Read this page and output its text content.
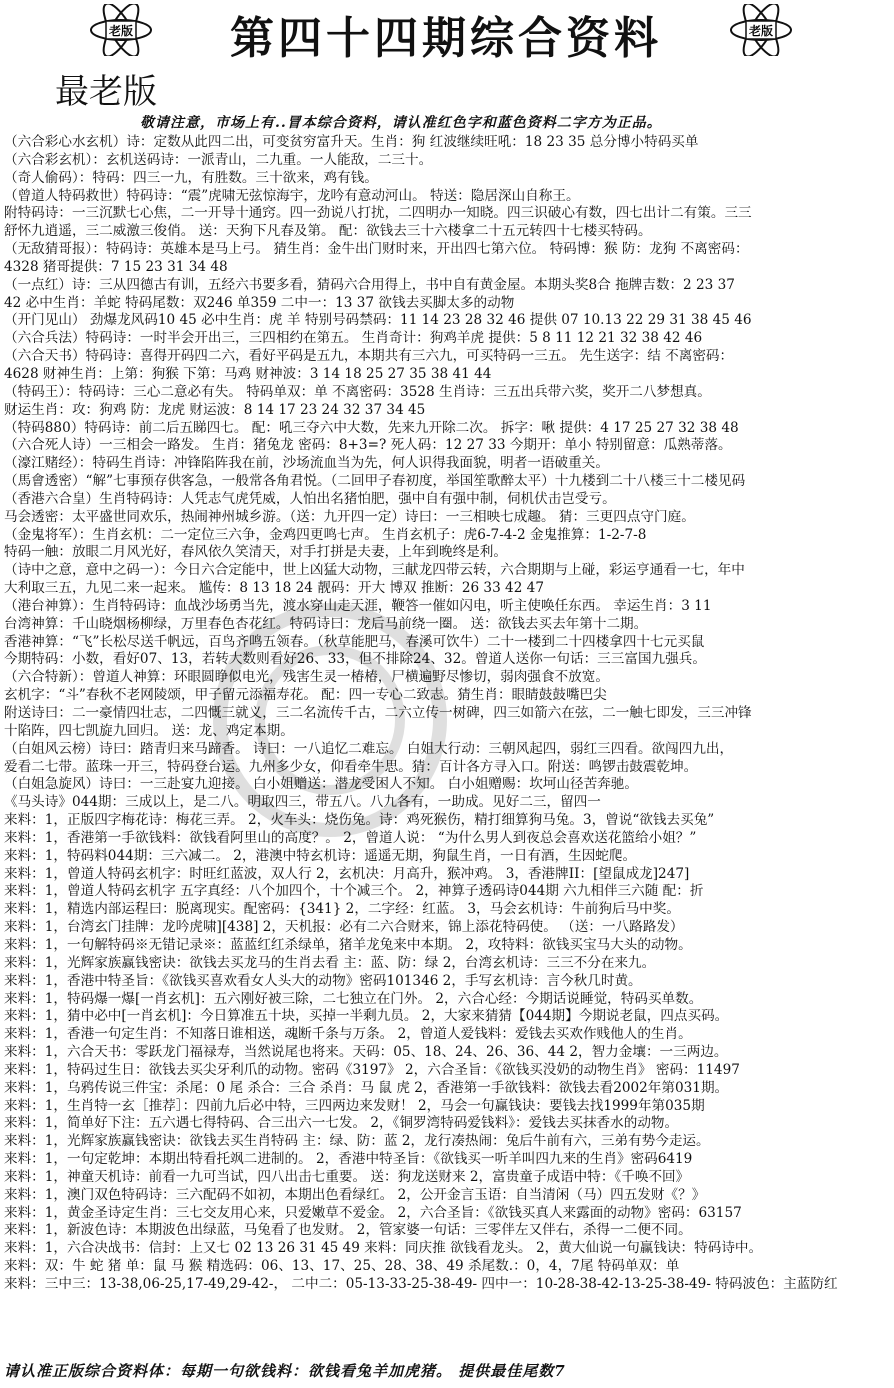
老版	第四十四期综合资料	老版
最老版
敬请注意，市场上有..冒本综合资料，请认准红色字和蓝色资料二字方为正品。
（六合彩心水玄机）诗：定数从此四二出，可变贫穷富升天。生肖：狗 红波继续旺吼：18 23 35 总分博小特码买单
（六合彩玄机）：玄机送码诗：一派青山，二九重。一人能敌，二三十。
（奇人偷码）：特码：四三一九，有胜数。三十欲来，鸡有钱。
（曾道人特码救世）特码诗：“震”虎啸无弦惊海宇，龙吟有意动河山。 特送：隐居深山自称王。
附特码诗：一三沉默七心焦，二一开导十通窍。四一劲说八打扰，二四明办一知晓。四三识破心有数，四七出计二有策。三三
舒怀九逍遥，三二威激三俊俏。 送：天狗下凡春及第。 配：欲钱去三十六楼拿二十五元转四十七楼买特码。
（无敌猜哥报）：特码诗：英雄本是马上弓。 猜生肖：金牛出门财时来，开出四七第六位。 特码博：猴 防：龙狗 不离密码：
4328 猪哥提供：7 15 23 31 34 48
（一点红）诗：三从四德古有训，五经六书要多看，猜码六合用得上，书中自有黄金屋。本期头奖8合 拖牌吉数：2 23 37
42 必中生肖：羊蛇 特码尾数：双246 单359 二中一：13 37 欲钱去买脚太多的动物
（开门见山） 劲爆龙风码10 45 必中生肖：虎 羊 特别号码禁码：11 14 23 28 32 46 提供 07 10.13 22 29 31 38 45 46
（六合兵法）特码诗：一时半会开出三，三四相约在第五。 生肖奇计：狗鸡羊虎 提供：5 8 11 12 21 32 38 42 46
（六合天书）特码诗：喜得开码四二六，看好平码是五九，本期共有三六九，可买特码一三五。 先生送字：结 不离密码：
4628 财神生肖：上第：狗猴 下第：马鸡 财神波：3 14 18 25 27 35 38 41 44
（特码王）：特码诗：三心二意必有失。 特码单双：单 不离密码：3528 生肖诗：三五出兵带六奖，奖开二八梦想真。
财运生肖：攻：狗鸡 防：龙虎 财运波：8 14 17 23 24 32 37 34 45
（特码880）特码诗：前二后五睇四七。 配：吼三夺六中大数，先来九开除二次。 拆字：啾 提供：4 17 25 27 32 38 48
（六合死人诗）一三相会一路发。 生肖：猪兔龙 密码：8+3=? 死人码：12 27 33 今期开：单小 特别留意：瓜熟蒂落。
（濠江赌经）：特码生肖诗：冲锋陷阵我在前，沙场流血当为先，何人识得我面貌，明者一语破重关。
（馬會透密）“解”七事预存供客急，一般常各角君悦。（二回甲子春初度，举国笙歌醉太平）十九楼到二十八楼三十二楼见码
（香港六合皇）生肖特码诗：人凭志气虎凭威，人怕出名猪怕肥，强中自有强中制，伺机伏击岂受亏。
马会透密：太平盛世同欢乐，热闹神州城乡游。（送：九开四一定）诗曰：一三相映七成趣。 猜：三更四点守门庭。
（金鬼将军）：生肖玄机：二一定位三六争，金鸡四更鸣七声。 生肖玄机子：虎6-7-4-2 金鬼推算：1-2-7-8
特码一触：放眼二月风光好，春风依久笑清天，对手打拼是夫妻，上年到晚终是利。
（诗中之意，意中之码一）：今日六合定能中，世上凶猛大动物，三献龙四带云转，六合期期与上碰，彩运亨通看一七，年中
大利取三五，九见二来一起来。 尴传：8 13 18 24 靓码：开大 博双 推断：26 33 42 47
（港台神算）：生肖特码诗：血战沙场勇当先，渡水穿山走天涯，鞭答一催如闪电，听主使唤任东西。 幸运生肖：3 11
台湾神算：千山晓烟杨柳绿，万里春色杏花红。特码诗曰：龙后马前绕一圈。 送：欲钱去买去年第十二期。
香港神算：“飞”长松尽送千帆远，百鸟齐鸣五领春。（秋草能肥马，春溪可饮牛）二十一楼到二十四楼拿四十七元买鼠
今期特码：小数，看好07、13，若转大数则看好26、33，但不排除24、32。曾道人送你一句话：三三富国九强兵。
（六合特新）：曾道人神算：环眼圆睁似电光，残害生灵一椿椿，尸横遍野尽惨切，弱肉强食不放宽。
玄机字：“斗”春秋不老网陵颂，甲子留元添福寿花。 配：四一专心二致志。猜生肖：眼睛鼓鼓嘴巴尖
附送诗曰：二一豪情四壮志，二四慨三就义，三二名流传千古，二六立传一树碑，四三如箭六在弦，二一触七即发，三三冲锋
十陷阵，四七凯旋九回归。 送：龙、鸡定本期。
（白姐风云榜）诗曰：踏青归来马蹄香。 诗曰：一八追忆二难忘。 白姐大行动：三朝风起四，弱红三四看。欲闯四九出，
爱看二七带。蓝珠一开三，特码登台运。九州多少女，仰看牵牛思。猜：百计各方寻入口。附送：鸣锣击鼓震乾坤。
（白姐急旋风）诗曰：一三赴宴九迎接。 白小姐赠送：潜龙受困人不知。 白小姐赠赐：坎坷山径苦奔驰。
《马头诗》044期：三成以上，是二八。明取四三，带五八。八九各有，一助成。见好二三，留四一
来料：1，正版四字梅花诗：梅花三弄。 2，火车头：烧伤兔。诗：鸡死猴伤，精打细算狗马兔。3，曾说“欲钱去买兔”
来料：1，香港第一手欲钱料：欲钱看阿里山的高度？。 2，曾道人说： “为什么男人到夜总会喜欢送花篮给小姐？”
来料：1，特码料044期：三六减二。 2，港澳中特玄机诗：遥遥无期，狗鼠生肖，一日有酒，生因蛇爬。
来料：1，曾道人特码玄机字：时旺红蓝波，双人行 2，玄机决：月高升，猴冲鸡。 3，香港牌II：[望鼠成龙]247]
来料：1，曾道人特码玄机字 五字真经：八个加四个，十个减三个。 2，神算子透码诗044期 六九相伴三六随 配：折
来料：1，精选内部运程曰：脱离现实。配密码：{341} 2，二字经：红蓝。 3，马会玄机诗：牛前狗后马中奖。
来料：1，台湾玄门挂牌：龙吟虎啸][438] 2，天机报：必有二六合财来，锦上添花特码使。 （送：一八路路发）
来料：1，一句解特码※无错记录※：蓝蓝红红杀绿单，猪羊龙兔来中本期。 2，攻特料：欲钱买宝马大头的动物。
来料：1，光辉家族赢钱密诀：欲钱去买龙马的生肖去看 主：蓝、防：绿 2，台湾玄机诗：三三不分在来九。
来料：1，香港中特圣旨：《欲钱买喜欢看女人头大的动物》密码101346 2，手写玄机诗：言今秋几时黄。
来料：1，特码爆一爆[一肖玄机]：五六刚好被三除，二七独立在门外。 2，六合心经：今期话说睡觉，特码买单数。
来料：1，猜中必中[一肖玄机]：今日算准五十块，买掉一半剩九员。 2，大家来猜猜【044期】今期说老鼠，四点买码。
来料：1，香港一句定生肖：不知落日谁相送，魂断千条与万条。 2，曾道人爱钱料：爱钱去买欢作贱他人的生肖。
来料：1，六合天书：零跃龙门福禄寿，当然说尾也将来。天码：05、18、24、26、36、44 2，智力金壤：一三两边。
来料：1，特码过生日：欲钱去买尖牙利爪的动物。密码《3197》 2，六合圣旨：《欲钱买没奶的动物生肖》 密码：11497
来料：1，乌鸦传说三件宝：杀尾：0 尾 杀合：三合 杀肖：马 鼠 虎 2，香港第一手欲钱料：欲钱去看2002年第031期。
来料：1，生肖特一玄［推荐］：四前九后必中特，三四两边来发财！ 2，马会一句赢钱诀：要钱去找1999年第035期
来料：1，简单好下注：五六遇七得特码、合三出六一七发。 2，《铜罗湾特码爱钱料》：爱钱去买抹香水的动物。
来料：1，光辉家族赢钱密诀：欲钱去买生肖特码 主：绿、防：蓝 2，龙行凑热闹：兔后牛前有六，三弟有势今走运。
来料：1，一句定乾坤：本期出特看托飒二进制的。 2，香港中特圣旨：《欲钱买一听羊叫四九来的生肖》密码6419
来料：1，神童天机诗：前看一九可当试，四八出击七重要。 送：狗龙送财来 2，富贵童子成语中特：《千唤不回》
来料：1，澳门双色特码诗：三六配码不如初，本期出色看绿红。 2，公开金言玉语：自当清闲（马）四五发财《？》
来料：1，黄金圣诗定生肖：三七交友用心来，只爱嫩草不爱金。 2，六合圣旨：《欲钱买真人来露面的动物》密码：63157
来料：1，新波色诗：本期波色出绿蓝，马兔看了也发财。 2，管家婆一句话：三零伴左又伴右，杀得一二便不同。
来料：1，六合决战书：信封：上又七 02 13 26 31 45 49 来料：同庆推 欲钱看龙头。 2，黄大仙说一句赢钱诀：特码诗中。
来料：双：牛 蛇 猪 单：鼠 马 猴 精选码：06、13、17、25、28、38、49 杀尾数.：0，4，7尾 特码单双：单
来料：三中三：13-38,06-25,17-49,29-42-， 二中二：05-13-33-25-38-49- 四中一：10-28-38-42-13-25-38-49- 特码波色：主蓝防红
请认准正版综合资料体：每期一句欲钱料：欲钱看兔羊加虎猪。 提供最佳尾数7
